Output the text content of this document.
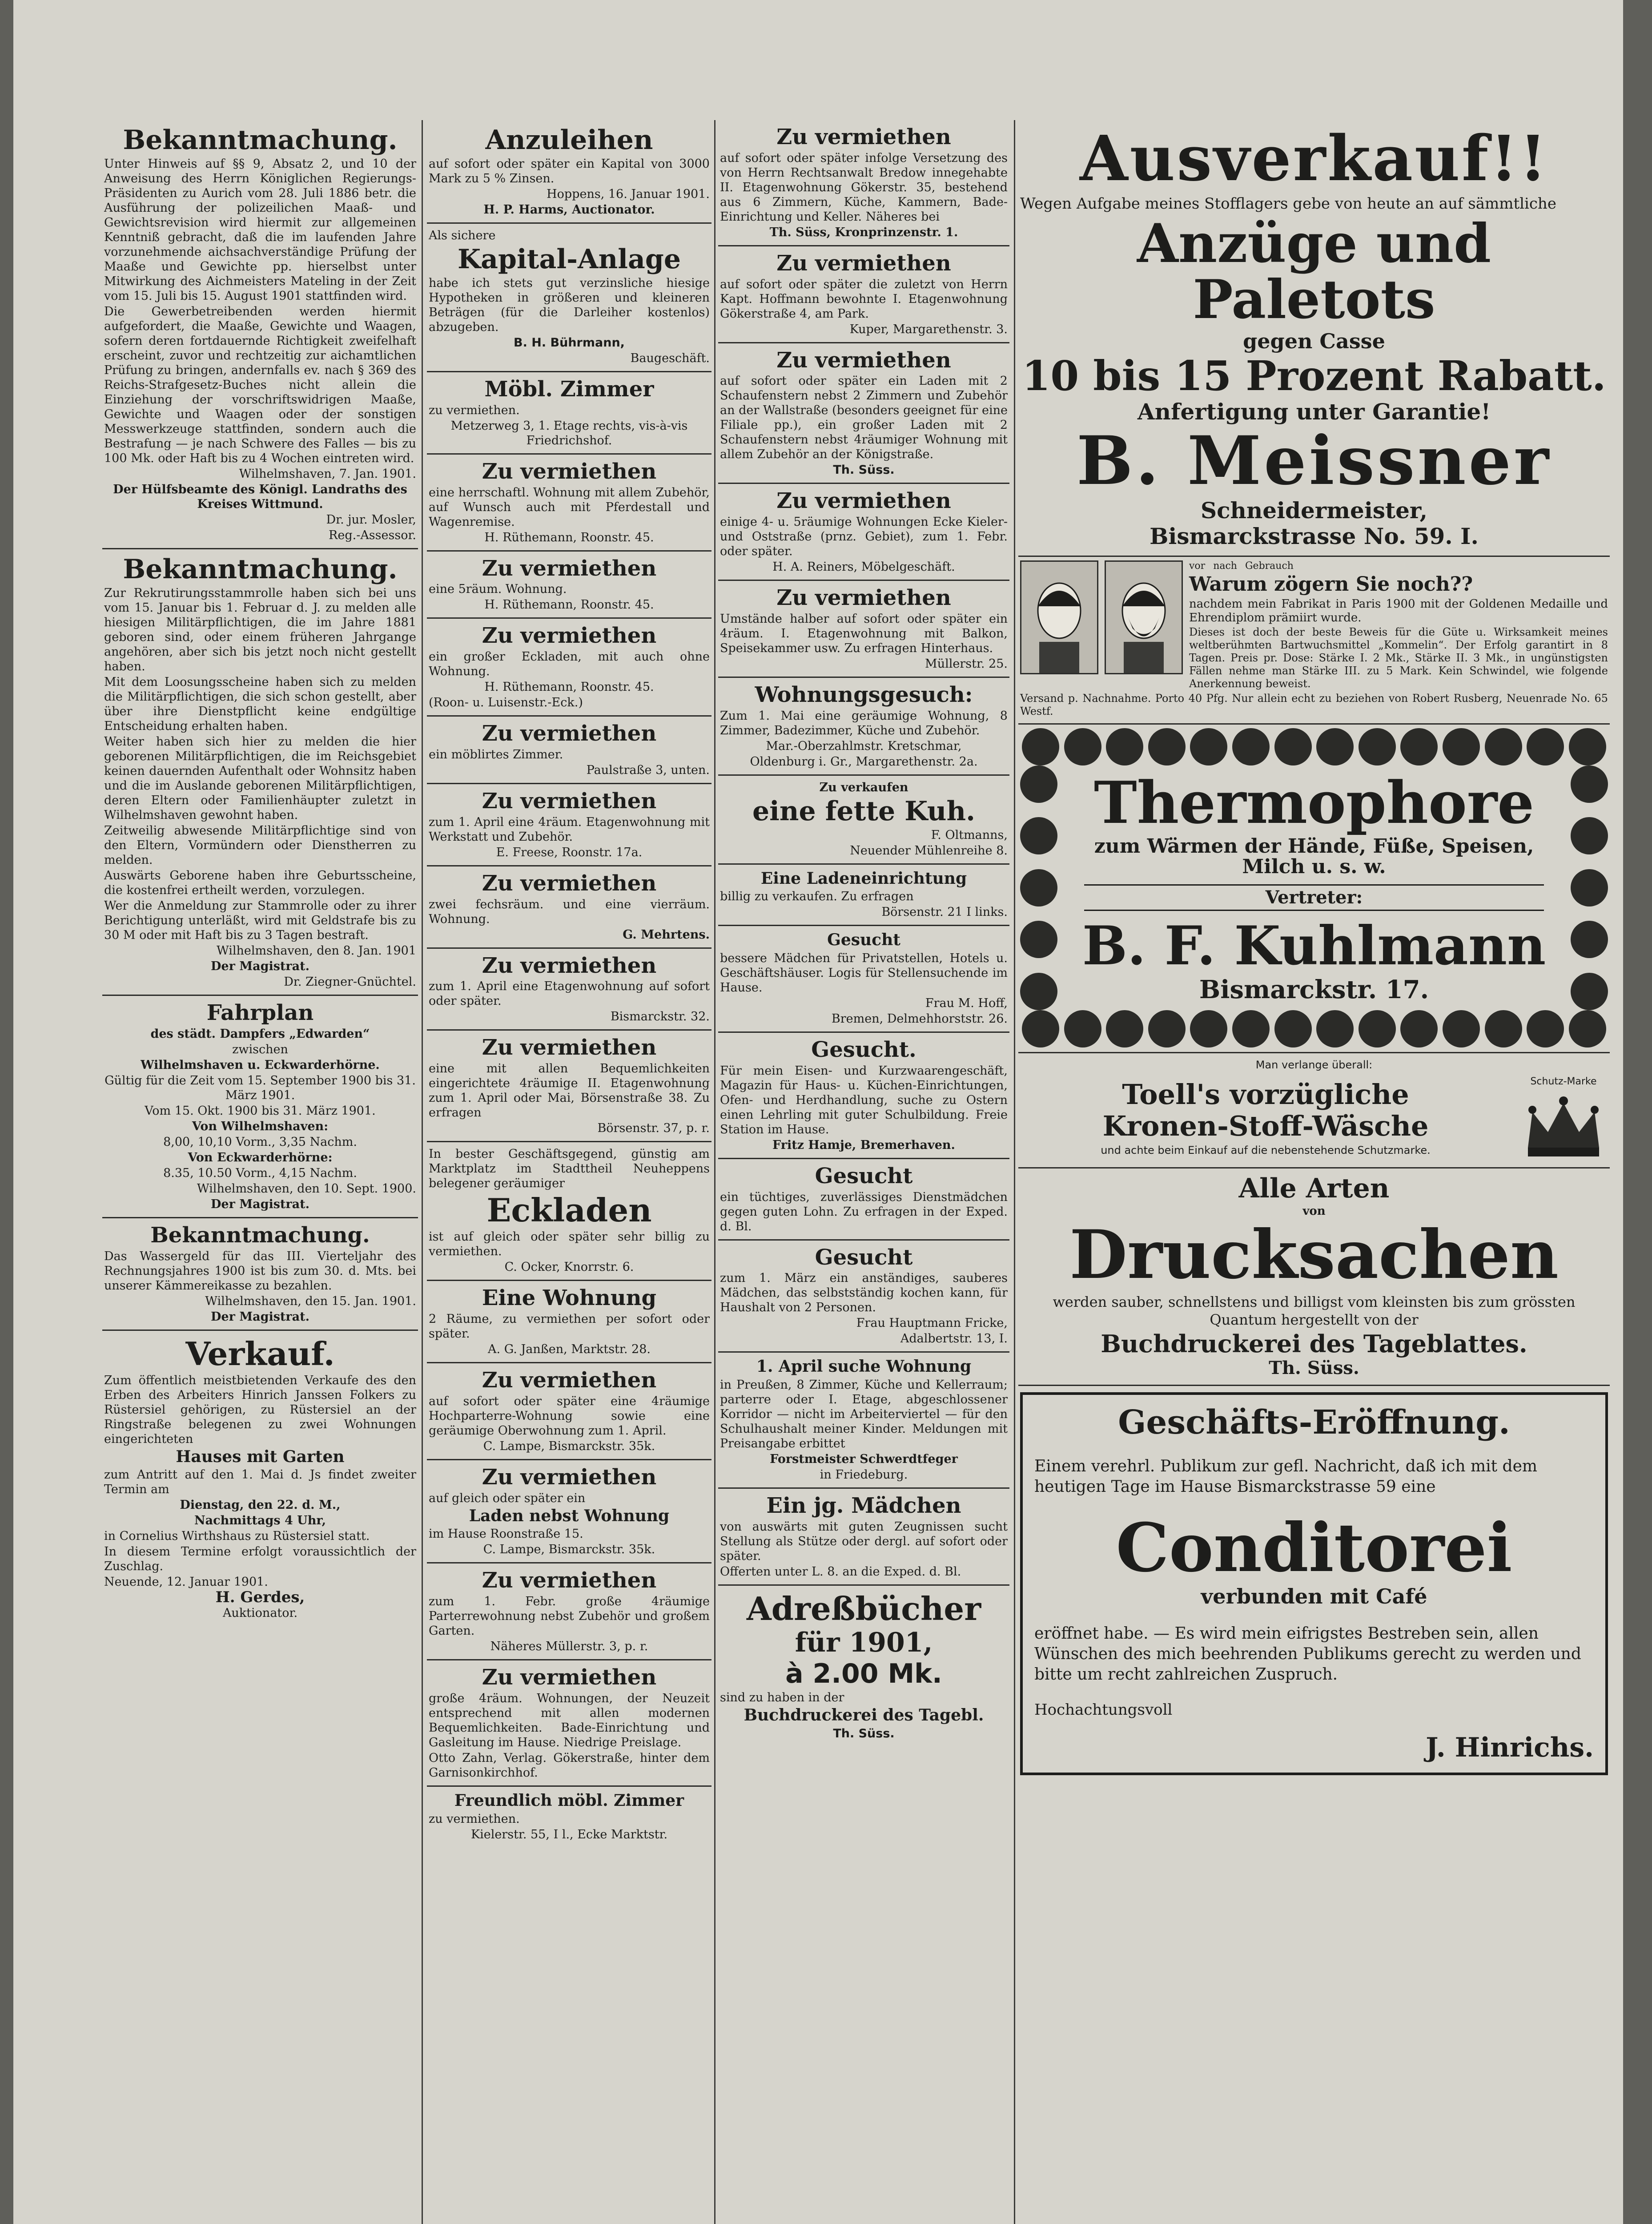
Bekanntmachung.

Unter Hinweis auf §§ 9, Absatz 2, und 10 der Anweisung des Herrn Königlichen Regierungs-Präsidenten zu Aurich vom 28. Juli 1886 betr. die Ausführung der polizeilichen Maaß- und Gewichtsrevision wird hiermit zur allgemeinen Kenntniß gebracht, daß die im laufenden Jahre vorzunehmende aichsachverständige Prüfung der Maaße und Gewichte pp. hierselbst unter Mitwirkung des Aichmeisters Mateling in der Zeit vom 15. Juli bis 15. August 1901 stattfinden wird.

Die Gewerbetreibenden werden hiermit aufgefordert, die Maaße, Gewichte und Waagen, sofern deren fortdauernde Richtigkeit zweifelhaft erscheint, zuvor und rechtzeitig zur aichamtlichen Prüfung zu bringen, andernfalls ev. nach § 369 des Reichs-Strafgesetz-Buches nicht allein die Einziehung der vorschriftswidrigen Maaße, Gewichte und Waagen oder der sonstigen Messwerkzeuge stattfinden, sondern auch die Bestrafung — je nach Schwere des Falles — bis zu 100 Mk. oder Haft bis zu 4 Wochen eintreten wird.

Wilhelmshaven, 7. Jan. 1901.

Der Hülfsbeamte des Königl. Landraths des Kreises Wittmund.

Dr. jur. Mosler,

Reg.-Assessor.

Bekanntmachung.

Zur Rekrutirungsstammrolle haben sich bei uns vom 15. Januar bis 1. Februar d. J. zu melden alle hiesigen Militärpflichtigen, die im Jahre 1881 geboren sind, oder einem früheren Jahrgange angehören, aber sich bis jetzt noch nicht gestellt haben.

Mit dem Loosungsscheine haben sich zu melden die Militärpflichtigen, die sich schon gestellt, aber über ihre Dienstpflicht keine endgültige Entscheidung erhalten haben.

Weiter haben sich hier zu melden die hier geborenen Militärpflichtigen, die im Reichsgebiet keinen dauernden Aufenthalt oder Wohnsitz haben und die im Auslande geborenen Militärpflichtigen, deren Eltern oder Familienhäupter zuletzt in Wilhelmshaven gewohnt haben.

Zeitweilig abwesende Militärpflichtige sind von den Eltern, Vormündern oder Dienstherren zu melden.

Auswärts Geborene haben ihre Geburtsscheine, die kostenfrei ertheilt werden, vorzulegen.

Wer die Anmeldung zur Stammrolle oder zu ihrer Berichtigung unterläßt, wird mit Geldstrafe bis zu 30 M oder mit Haft bis zu 3 Tagen bestraft.

Wilhelmshaven, den 8. Jan. 1901

Der Magistrat.

Dr. Ziegner-Gnüchtel.

Fahrplan

des städt. Dampfers „Edwarden“

zwischen

Wilhelmshaven u. Eckwarderhörne.

Gültig für die Zeit vom 15. September 1900 bis 31. März 1901.

Vom 15. Okt. 1900 bis 31. März 1901.

Von Wilhelmshaven:

8,00, 10,10 Vorm., 3,35 Nachm.

Von Eckwarderhörne:

8.35, 10.50 Vorm., 4,15 Nachm.

Wilhelmshaven, den 10. Sept. 1900.

Der Magistrat.

Bekanntmachung.

Das Wassergeld für das III. Vierteljahr des Rechnungsjahres 1900 ist bis zum 30. d. Mts. bei unserer Kämmereikasse zu bezahlen.

Wilhelmshaven, den 15. Jan. 1901.

Der Magistrat.

Verkauf.

Zum öffentlich meistbietenden Verkaufe des den Erben des Arbeiters Hinrich Janssen Folkers zu Rüstersiel gehörigen, zu Rüstersiel an der Ringstraße belegenen zu zwei Wohnungen eingerichteten

Hauses mit Garten

zum Antritt auf den 1. Mai d. Js findet zweiter Termin am

Dienstag, den 22. d. M.,

Nachmittags 4 Uhr,

in Cornelius Wirthshaus zu Rüstersiel statt.

In diesem Termine erfolgt voraussichtlich der Zuschlag.

Neuende, 12. Januar 1901.

H. Gerdes,

Auktionator.

Anzuleihen

auf sofort oder später ein Kapital von 3000 Mark zu 5 % Zinsen.

Hoppens, 16. Januar 1901.

H. P. Harms, Auctionator.

Als sichere

Kapital-Anlage

habe ich stets gut verzinsliche hiesige Hypotheken in größeren und kleineren Beträgen (für die Darleiher kostenlos) abzugeben.

B. H. Bührmann,

Baugeschäft.

Möbl. Zimmer

zu vermiethen.

Metzerweg 3, 1. Etage rechts, vis-à-vis Friedrichshof.

Zu vermiethen

eine herrschaftl. Wohnung mit allem Zubehör, auf Wunsch auch mit Pferdestall und Wagenremise.

H. Rüthemann, Roonstr. 45.

Zu vermiethen

eine 5räum. Wohnung.

H. Rüthemann, Roonstr. 45.

Zu vermiethen

ein großer Eckladen, mit auch ohne Wohnung.

H. Rüthemann, Roonstr. 45.

(Roon- u. Luisenstr.-Eck.)

Zu vermiethen

ein möblirtes Zimmer.

Paulstraße 3, unten.

Zu vermiethen

zum 1. April eine 4räum. Etagenwohnung mit Werkstatt und Zubehör.

E. Freese, Roonstr. 17a.

Zu vermiethen

zwei fechsräum. und eine vierräum. Wohnung.

G. Mehrtens.

Zu vermiethen

zum 1. April eine Etagenwohnung auf sofort oder später.

Bismarckstr. 32.

Zu vermiethen

eine mit allen Bequemlichkeiten eingerichtete 4räumige II. Etagenwohnung zum 1. April oder Mai, Börsenstraße 38. Zu erfragen

Börsenstr. 37, p. r.

In bester Geschäftsgegend, günstig am Marktplatz im Stadttheil Neuheppens belegener geräumiger

Eckladen

ist auf gleich oder später sehr billig zu vermiethen.

C. Ocker, Knorrstr. 6.

Eine Wohnung

2 Räume, zu vermiethen per sofort oder später.

A. G. Janßen, Marktstr. 28.

Zu vermiethen

auf sofort oder später eine 4räumige Hochparterre-Wohnung sowie eine geräumige Oberwohnung zum 1. April.

C. Lampe, Bismarckstr. 35k.

Zu vermiethen

auf gleich oder später ein

Laden nebst Wohnung

im Hause Roonstraße 15.

C. Lampe, Bismarckstr. 35k.

Zu vermiethen

zum 1. Febr. große 4räumige Parterrewohnung nebst Zubehör und großem Garten.

Näheres Müllerstr. 3, p. r.

Zu vermiethen

große 4räum. Wohnungen, der Neuzeit entsprechend mit allen modernen Bequemlichkeiten. Bade-Einrichtung und Gasleitung im Hause. Niedrige Preislage.

Otto Zahn, Verlag. Gökerstraße, hinter dem Garnisonkirchhof.

Freundlich möbl. Zimmer

zu vermiethen.

Kielerstr. 55, I l., Ecke Marktstr.

Zu vermiethen

auf sofort oder später infolge Versetzung des von Herrn Rechtsanwalt Bredow innegehabte II. Etagenwohnung Gökerstr. 35, bestehend aus 6 Zimmern, Küche, Kammern, Bade-Einrichtung und Keller. Näheres bei

Th. Süss, Kronprinzenstr. 1.

Zu vermiethen

auf sofort oder später die zuletzt von Herrn Kapt. Hoffmann bewohnte I. Etagenwohnung Gökerstraße 4, am Park.

Kuper, Margarethenstr. 3.

Zu vermiethen

auf sofort oder später ein Laden mit 2 Schaufenstern nebst 2 Zimmern und Zubehör an der Wallstraße (besonders geeignet für eine Filiale pp.), ein großer Laden mit 2 Schaufenstern nebst 4räumiger Wohnung mit allem Zubehör an der Königstraße.

Th. Süss.

Zu vermiethen

einige 4- u. 5räumige Wohnungen Ecke Kieler- und Oststraße (prnz. Gebiet), zum 1. Febr. oder später.

H. A. Reiners, Möbelgeschäft.

Zu vermiethen

Umstände halber auf sofort oder später ein 4räum. I. Etagenwohnung mit Balkon, Speisekammer usw. Zu erfragen Hinterhaus.

Müllerstr. 25.

Wohnungsgesuch:

Zum 1. Mai eine geräumige Wohnung, 8 Zimmer, Badezimmer, Küche und Zubehör.

Mar.-Oberzahlmstr. Kretschmar,

Oldenburg i. Gr., Margarethenstr. 2a.

Zu verkaufen

eine fette Kuh.

F. Oltmanns,

Neuender Mühlenreihe 8.

Eine Ladeneinrichtung

billig zu verkaufen. Zu erfragen

Börsenstr. 21 I links.

Gesucht

bessere Mädchen für Privatstellen, Hotels u. Geschäftshäuser. Logis für Stellensuchende im Hause.

Frau M. Hoff,

Bremen, Delmehhorststr. 26.

Gesucht.

Für mein Eisen- und Kurzwaarengeschäft, Magazin für Haus- u. Küchen-Einrichtungen, Ofen- und Herdhandlung, suche zu Ostern einen Lehrling mit guter Schulbildung. Freie Station im Hause.

Fritz Hamje, Bremerhaven.

Gesucht

ein tüchtiges, zuverlässiges Dienstmädchen gegen guten Lohn. Zu erfragen in der Exped. d. Bl.

Gesucht

zum 1. März ein anständiges, sauberes Mädchen, das selbstständig kochen kann, für Haushalt von 2 Personen.

Frau Hauptmann Fricke,

Adalbertstr. 13, I.

1. April suche Wohnung

in Preußen, 8 Zimmer, Küche und Kellerraum; parterre oder I. Etage, abgeschlossener Korridor — nicht im Arbeiterviertel — für den Schulhaushalt meiner Kinder. Meldungen mit Preisangabe erbittet

Forstmeister Schwerdtfeger

in Friedeburg.

Ein jg. Mädchen

von auswärts mit guten Zeugnissen sucht Stellung als Stütze oder dergl. auf sofort oder später.

Offerten unter L. 8. an die Exped. d. Bl.

Adreßbücher
für 1901,
à 2.00 Mk.

sind zu haben in der

Buchdruckerei des Tagebl.

Th. Süss.

Ausverkauf!!

Wegen Aufgabe meines Stofflagers gebe von heute an auf sämmtliche

Anzüge und Paletots
gegen Casse
10 bis 15 Prozent Rabatt.
Anfertigung unter Garantie!
B. Meissner
Schneidermeister,
Bismarckstrasse No. 59. I.
vor nach Gebrauch
Warum zögern Sie noch??

nachdem mein Fabrikat in Paris 1900 mit der Goldenen Medaille und Ehrendiplom prämiirt wurde.

Dieses ist doch der beste Beweis für die Güte u. Wirksamkeit meines weltberühmten Bartwuchsmittel „Kommelin“. Der Erfolg garantirt in 8 Tagen. Preis pr. Dose: Stärke I. 2 Mk., Stärke II. 3 Mk., in ungünstigsten Fällen nehme man Stärke III. zu 5 Mark. Kein Schwindel, wie folgende Anerkennung beweist.

Versand p. Nachnahme. Porto 40 Pfg. Nur allein echt zu beziehen von Robert Rusberg, Neuenrade No. 65 Westf.

Thermophore
zum Wärmen der Hände, Füße, Speisen, Milch u. s. w.
Vertreter:
B. F. Kuhlmann
Bismarckstr. 17.

Man verlange überall:

Toell's vorzügliche
Kronen-Stoff-Wäsche

und achte beim Einkauf auf die nebenstehende Schutzmarke.

Schutz-Marke

Alle Arten
von
Drucksachen

werden sauber, schnellstens und billigst vom kleinsten bis zum grössten Quantum hergestellt von der

Buchdruckerei des Tageblattes.
Th. Süss.
Geschäfts-Eröffnung.

Einem verehrl. Publikum zur gefl. Nachricht, daß ich mit dem heutigen Tage im Hause Bismarckstrasse 59 eine

Conditorei
verbunden mit Café

eröffnet habe. — Es wird mein eifrigstes Bestreben sein, allen Wünschen des mich beehrenden Publikums gerecht zu werden und bitte um recht zahlreichen Zuspruch.

Hochachtungsvoll

J. Hinrichs.
